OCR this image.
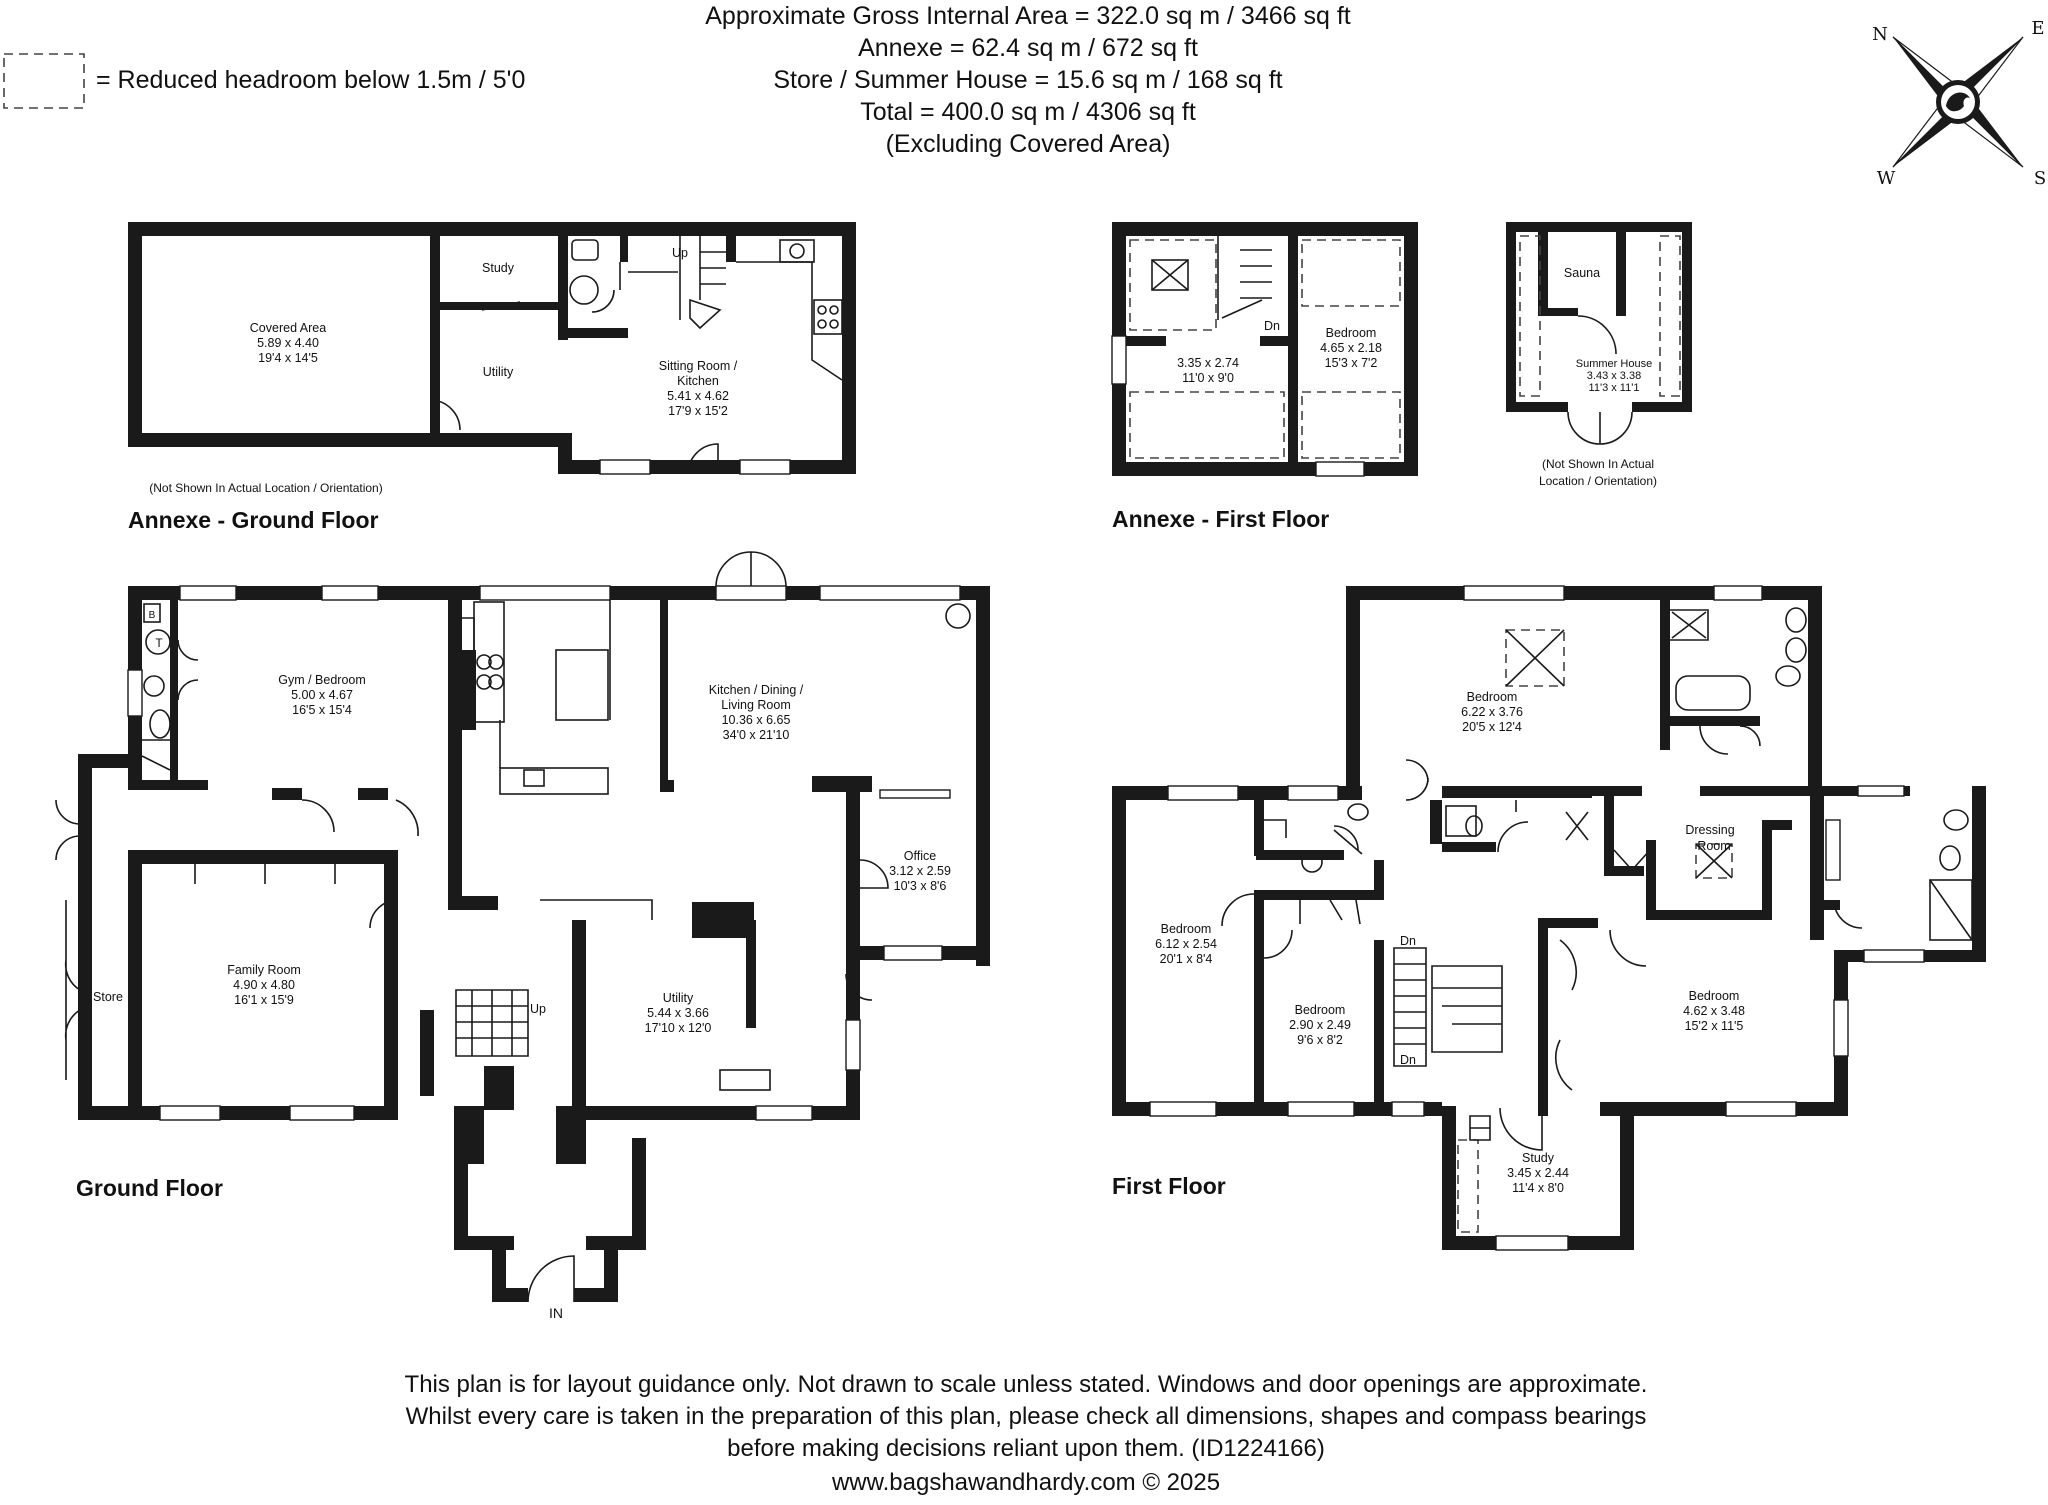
Approximate Gross Internal Area = 322.0 sq m / 3466 sq ft
Annexe = 62.4 sq m / 672 sq ft
Store / Summer House = 15.6 sq m / 168 sq ft
Total = 400.0 sq m / 4306 sq ft
(Excluding Covered Area)
= Reduced headroom below 1.5m / 5'0
N	E
S
W
Covered Area
5.89 x 4.40
19'4 x 14'5
Study
Utility
Up
Sitting Room /
Kitchen
5.41 x 4.62
17'9 x 15'2
(Not Shown In Actual Location / Orientation)
Annexe - Ground Floor
Dn
3.35 x 2.74
11'0 x 9'0
Bedroom
4.65 x 2.18
15'3 x 7'2
Annexe - First Floor
Sauna
Summer House
3.43 x 3.38
11'3 x 11'1
(Not Shown In Actual
Location / Orientation)
IN
B
T
Gym / Bedroom
5.00 x 4.67
16'5 x 15'4
Kitchen / Dining /
Living Room
10.36 x 6.65
34'0 x 21'10
Office
3.12 x 2.59
10'3 x 8'6
Family Room
4.90 x 4.80
16'1 x 15'9	Utility
5.44 x 3.66
17'10 x 12'0
Store
Up
Ground Floor
Dn
Dn
Bedroom
6.22 x 3.76
20'5 x 12'4
Bedroom
6.12 x 2.54
20'1 x 8'4
Bedroom
2.90 x 2.49
9'6 x 8'2
Bedroom
4.62 x 3.48
15'2 x 11'5
Dressing
Room
Study
3.45 x 2.44
11'4 x 8'0
First Floor
This plan is for layout guidance only. Not drawn to scale unless stated. Windows and door openings are approximate.
Whilst every care is taken in the preparation of this plan, please check all dimensions, shapes and compass bearings
before making decisions reliant upon them. (ID1224166)
www.bagshawandhardy.com © 2025
